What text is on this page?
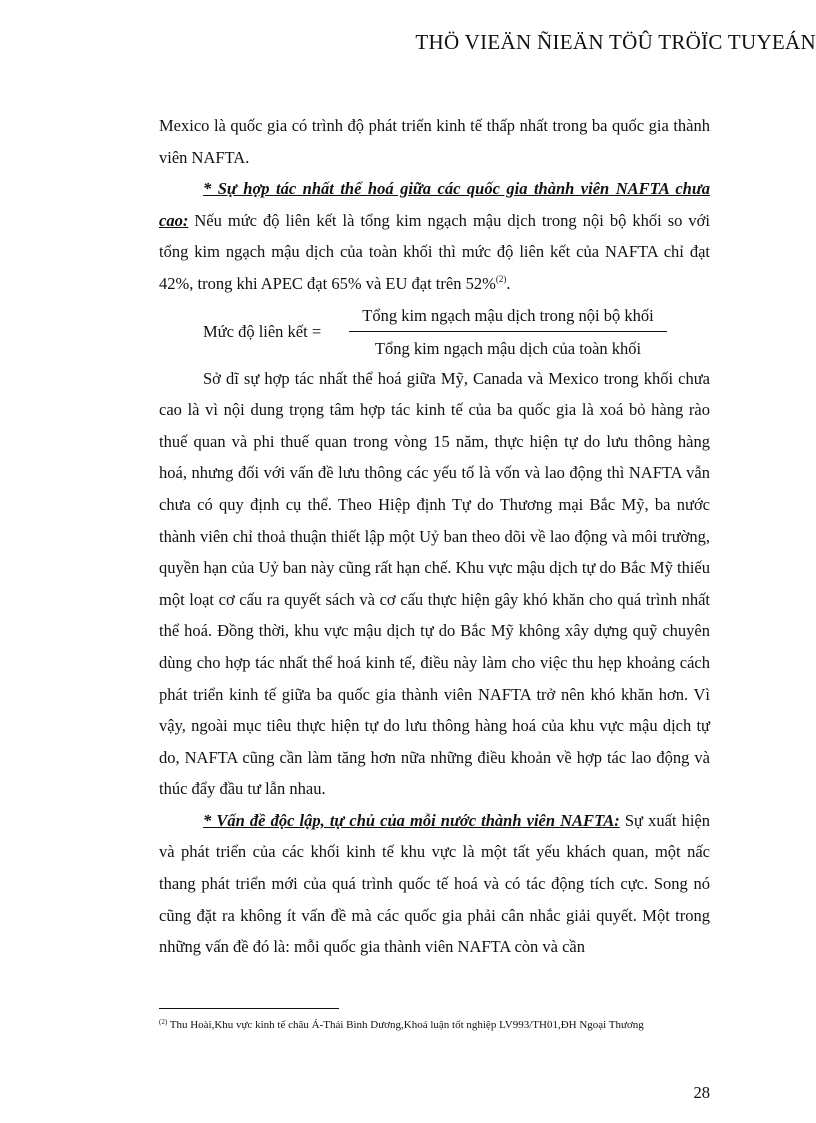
THÖ VIEÄN ÑIEÄN TÖÛ TRÖÏC TUYEÁN

Mexico là quốc gia có trình độ phát triển kinh tế thấp nhất trong ba quốc gia thành viên NAFTA.

* Sự hợp tác nhất thể hoá giữa các quốc gia thành viên NAFTA chưa cao: Nếu mức độ liên kết là tổng kim ngạch mậu dịch trong nội bộ khối so với tổng kim ngạch mậu dịch của toàn khối thì mức độ liên kết của NAFTA chỉ đạt 42%, trong khi APEC đạt 65% và EU đạt trên 52%$^{(2)}$.

Mức độ liên kết =
Tổng kim ngạch mậu dịch trong nội bộ khối
Tổng kim ngạch mậu dịch của toàn khối

Sở dĩ sự hợp tác nhất thể hoá giữa Mỹ, Canada và Mexico trong khối chưa cao là vì nội dung trọng tâm hợp tác kinh tế của ba quốc gia là xoá bỏ hàng rào thuế quan và phi thuế quan trong vòng 15 năm, thực hiện tự do lưu thông hàng hoá, nhưng đối với vấn đề lưu thông các yếu tố là vốn và lao động thì NAFTA vẫn chưa có quy định cụ thể. Theo Hiệp định Tự do Thương mại Bắc Mỹ, ba nước thành viên chỉ thoả thuận thiết lập một Uỷ ban theo dõi về lao động và môi trường, quyền hạn của Uỷ ban này cũng rất hạn chế. Khu vực mậu dịch tự do Bắc Mỹ thiếu một loạt cơ cấu ra quyết sách và cơ cấu thực hiện gây khó khăn cho quá trình nhất thể hoá. Đồng thời, khu vực mậu dịch tự do Bắc Mỹ không xây dựng quỹ chuyên dùng cho hợp tác nhất thể hoá kinh tế, điều này làm cho việc thu hẹp khoảng cách phát triển kinh tế giữa ba quốc gia thành viên NAFTA trở nên khó khăn hơn. Vì vậy, ngoài mục tiêu thực hiện tự do lưu thông hàng hoá của khu vực mậu dịch tự do, NAFTA cũng cần làm tăng hơn nữa những điều khoản về hợp tác lao động và thúc đẩy đầu tư lẫn nhau.

* Vấn đề độc lập, tự chủ của mỗi nước thành viên NAFTA: Sự xuất hiện và phát triển của các khối kinh tế khu vực là một tất yếu khách quan, một nấc thang phát triển mới của quá trình quốc tế hoá và có tác động tích cực. Song nó cũng đặt ra không ít vấn đề mà các quốc gia phải cân nhắc giải quyết. Một trong những vấn đề đó là: mỗi quốc gia thành viên NAFTA còn và cần

$^{(2)}$ Thu Hoài,Khu vực kinh tế châu Á-Thái Bình Dương,Khoá luận tốt nghiệp LV993/TH01,ĐH Ngoại Thương
28
